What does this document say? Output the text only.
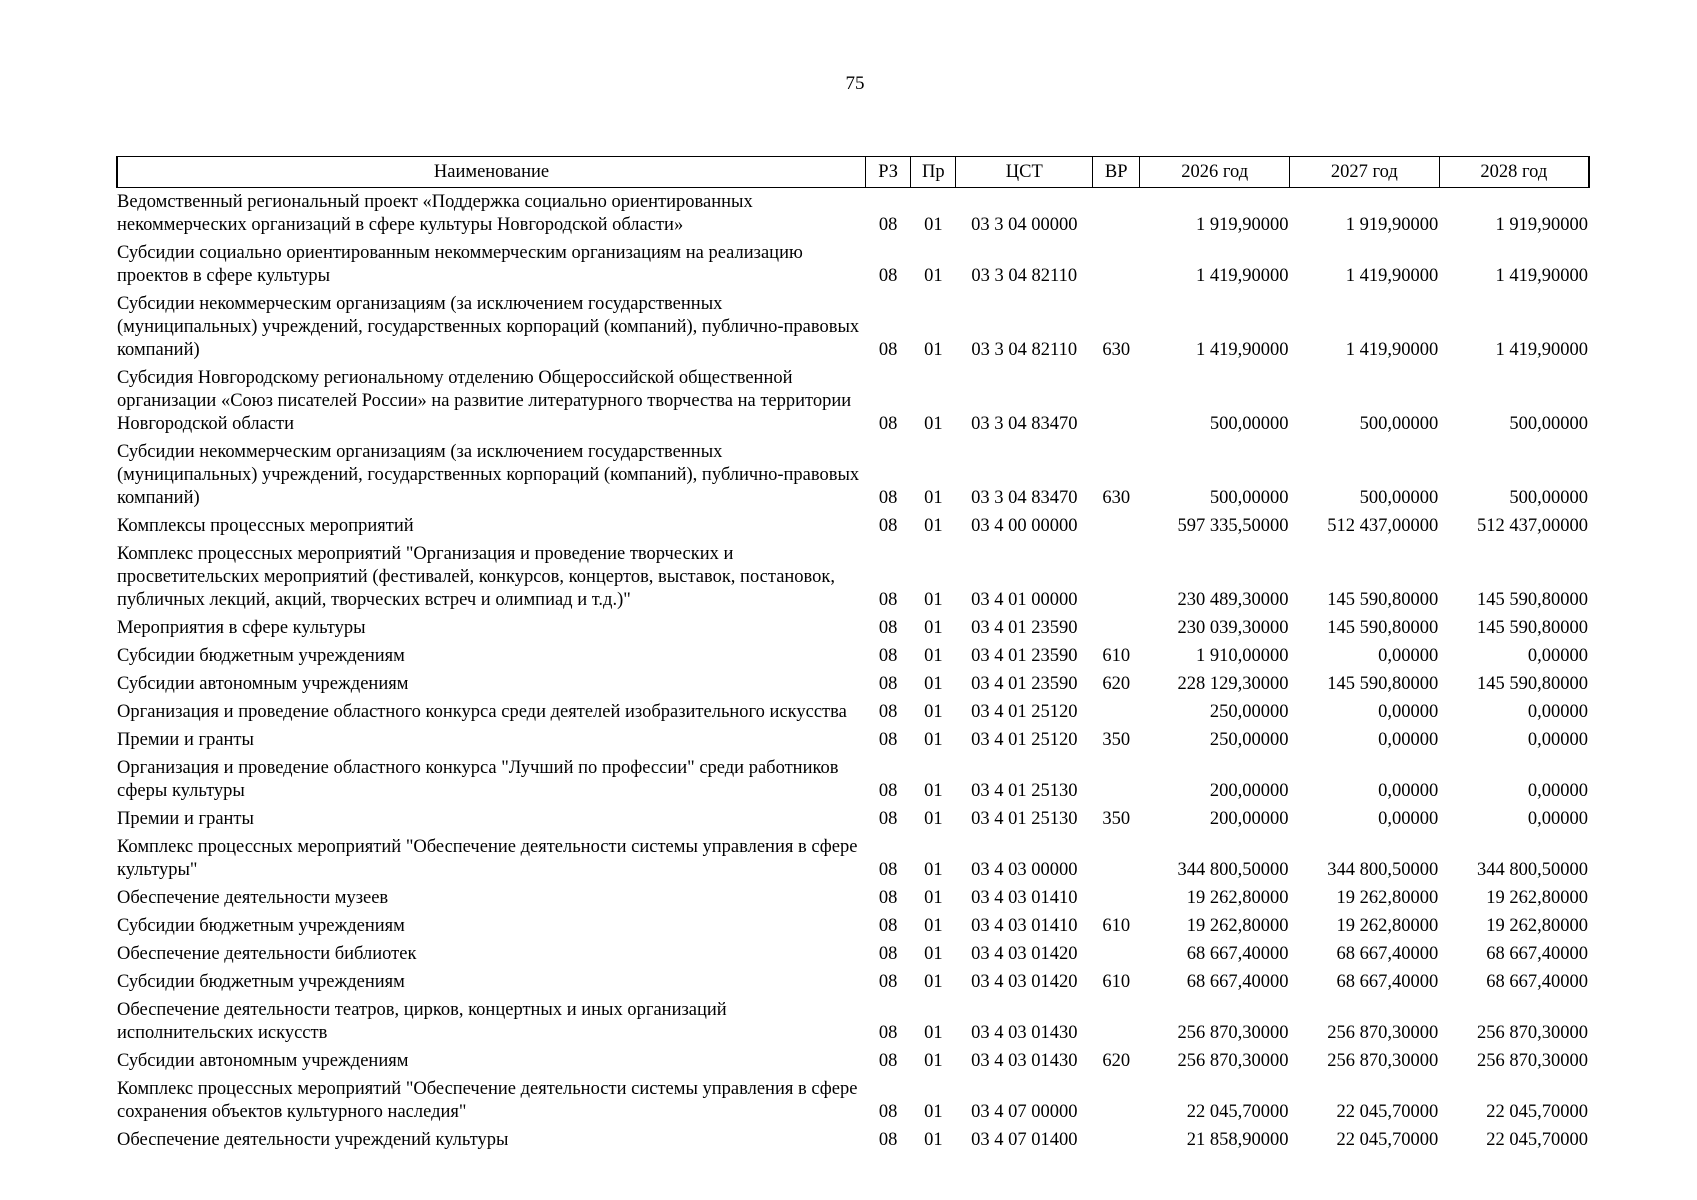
75
Наименование	РЗ	Пр	ЦСТ	ВР	2026 год	2027 год	2028 год
Ведомственный региональный проект «Поддержка социально ориентированных некоммерческих организаций в сфере культуры Новгородской области»	08	01	03 3 04 00000		1 919,90000	1 919,90000	1 919,90000
Субсидии социально ориентированным некоммерческим организациям на реализацию проектов в сфере культуры	08	01	03 3 04 82110		1 419,90000	1 419,90000	1 419,90000
Субсидии некоммерческим организациям (за исключением государственных (муниципальных) учреждений, государственных корпораций (компаний), публично-правовых компаний)	08	01	03 3 04 82110	630	1 419,90000	1 419,90000	1 419,90000
Субсидия Новгородскому региональному отделению Общероссийской общественной организации «Союз писателей России» на развитие литературного творчества на территории Новгородской области	08	01	03 3 04 83470		500,00000	500,00000	500,00000
Субсидии некоммерческим организациям (за исключением государственных (муниципальных) учреждений, государственных корпораций (компаний), публично-правовых компаний)	08	01	03 3 04 83470	630	500,00000	500,00000	500,00000
Комплексы процессных мероприятий	08	01	03 4 00 00000		597 335,50000	512 437,00000	512 437,00000
Комплекс процессных мероприятий "Организация и проведение творческих и просветительских мероприятий (фестивалей, конкурсов, концертов, выставок, постановок, публичных лекций, акций, творческих встреч и олимпиад и т.д.)"	08	01	03 4 01 00000		230 489,30000	145 590,80000	145 590,80000
Мероприятия в сфере культуры	08	01	03 4 01 23590		230 039,30000	145 590,80000	145 590,80000
Субсидии бюджетным учреждениям	08	01	03 4 01 23590	610	1 910,00000	0,00000	0,00000
Субсидии автономным учреждениям	08	01	03 4 01 23590	620	228 129,30000	145 590,80000	145 590,80000
Организация и проведение областного конкурса среди деятелей изобразительного искусства	08	01	03 4 01 25120		250,00000	0,00000	0,00000
Премии и гранты	08	01	03 4 01 25120	350	250,00000	0,00000	0,00000
Организация и проведение областного конкурса "Лучший по профессии" среди работников сферы культуры	08	01	03 4 01 25130		200,00000	0,00000	0,00000
Премии и гранты	08	01	03 4 01 25130	350	200,00000	0,00000	0,00000
Комплекс процессных мероприятий "Обеспечение деятельности системы управления в сфере культуры"	08	01	03 4 03 00000		344 800,50000	344 800,50000	344 800,50000
Обеспечение деятельности музеев	08	01	03 4 03 01410		19 262,80000	19 262,80000	19 262,80000
Субсидии бюджетным учреждениям	08	01	03 4 03 01410	610	19 262,80000	19 262,80000	19 262,80000
Обеспечение деятельности библиотек	08	01	03 4 03 01420		68 667,40000	68 667,40000	68 667,40000
Субсидии бюджетным учреждениям	08	01	03 4 03 01420	610	68 667,40000	68 667,40000	68 667,40000
Обеспечение деятельности театров, цирков, концертных и иных организаций исполнительских искусств	08	01	03 4 03 01430		256 870,30000	256 870,30000	256 870,30000
Субсидии автономным учреждениям	08	01	03 4 03 01430	620	256 870,30000	256 870,30000	256 870,30000
Комплекс процессных мероприятий "Обеспечение деятельности системы управления в сфере сохранения объектов культурного наследия"	08	01	03 4 07 00000		22 045,70000	22 045,70000	22 045,70000
Обеспечение деятельности учреждений культуры	08	01	03 4 07 01400		21 858,90000	22 045,70000	22 045,70000
